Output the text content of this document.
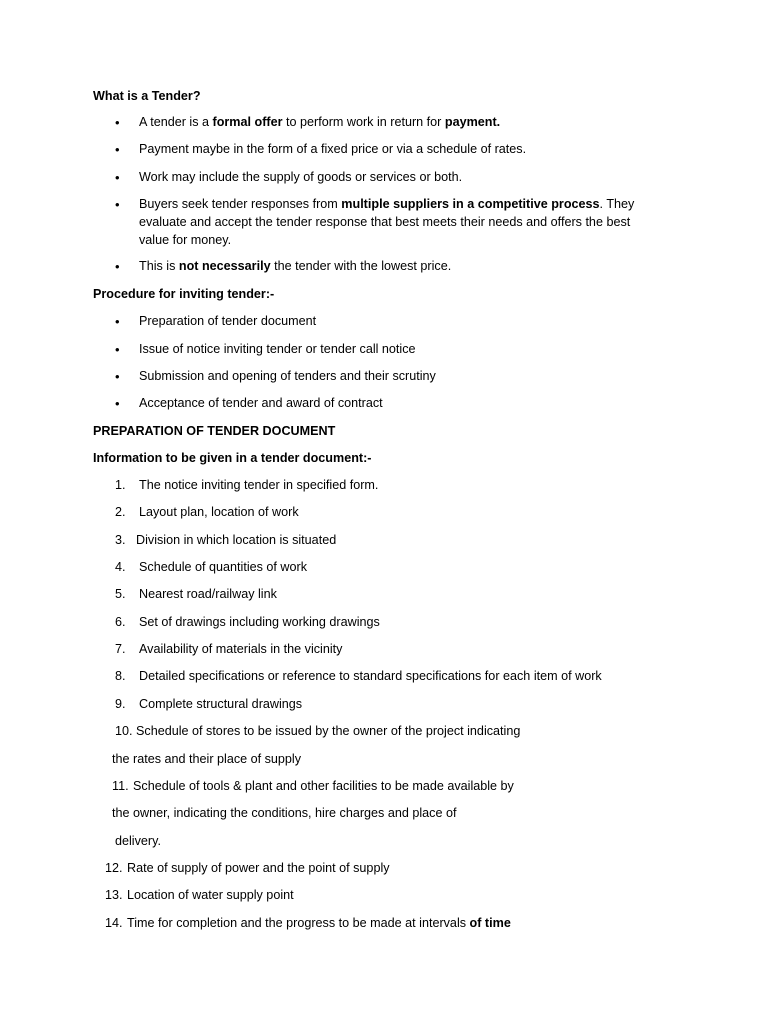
What is a Tender?
• A tender is a formal offer to perform work in return for payment.
• Payment maybe in the form of a fixed price or via a schedule of rates.
• Work may include the supply of goods or services or both.
• Buyers seek tender responses from multiple suppliers in a competitive process. They
evaluate and accept the tender response that best meets their needs and offers the best
value for money.
• This is not necessarily the tender with the lowest price.
Procedure for inviting tender:-
• Preparation of tender document
• Issue of notice inviting tender or tender call notice
• Submission and opening of tenders and their scrutiny
• Acceptance of tender and award of contract
PREPARATION OF TENDER DOCUMENT
Information to be given in a tender document:-
1. The notice inviting tender in specified form.
2. Layout plan, location of work
3. Division in which location is situated
4. Schedule of quantities of work
5. Nearest road/railway link
6. Set of drawings including working drawings
7. Availability of materials in the vicinity
8. Detailed specifications or reference to standard specifications for each item of work
9. Complete structural drawings
10. Schedule of stores to be issued by the owner of the project indicating
the rates and their place of supply
11. Schedule of tools & plant and other facilities to be made available by
the owner, indicating the conditions, hire charges and place of
delivery.
12. Rate of supply of power and the point of supply
13. Location of water supply point
14. Time for completion and the progress to be made at intervals of time
